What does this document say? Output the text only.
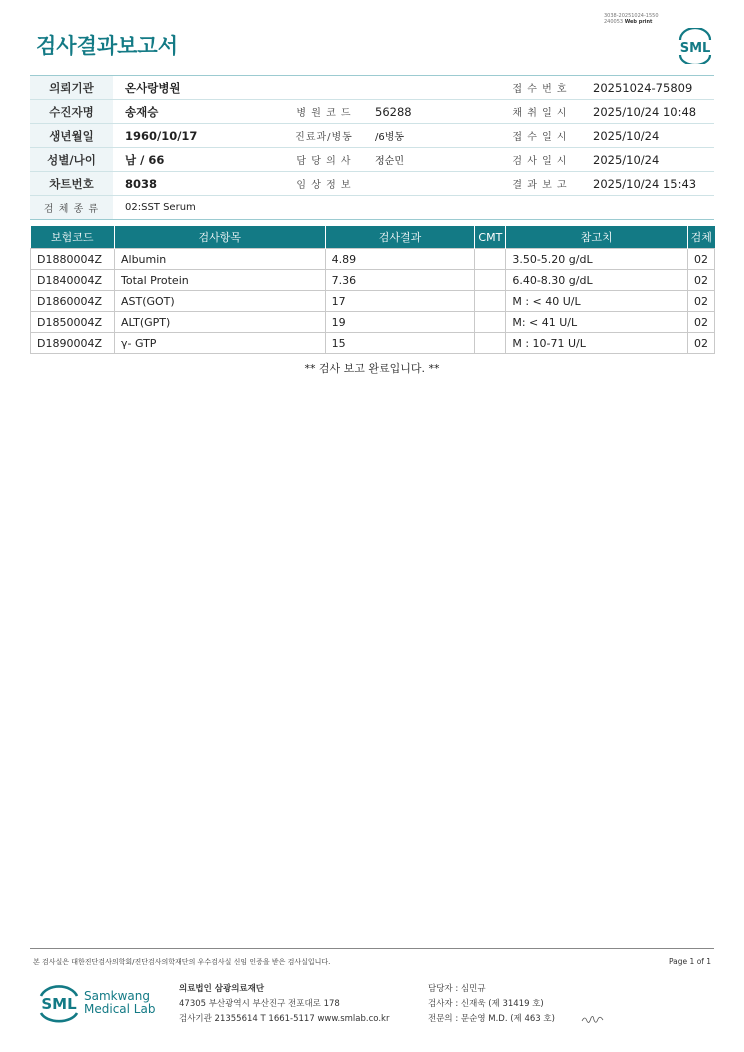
검사결과보고서
3038-20251024-1550
240053 Web print
SML
의뢰기관	온사랑병원			접 수 번 호	20251024-75809
수진자명	송재승	병 원 코 드	56288	채 취 일 시	2025/10/24 10:48
생년월일	1960/10/17	진료과/병동	/6병동	접 수 일 시	2025/10/24
성별/나이	남 / 66	담 당 의 사	정순민	검 사 일 시	2025/10/24
차트번호	8038	임 상 정 보		결 과 보 고	2025/10/24 15:43
검 체 종 류	02:SST Serum				
보험코드	검사항목	검사결과	CMT	참고치	검체
D1880004Z	Albumin	4.89		3.50-5.20 g/dL	02
D1840004Z	Total Protein	7.36		6.40-8.30 g/dL	02
D1860004Z	AST(GOT)	17		M : < 40 U/L	02
D1850004Z	ALT(GPT)	19		M: < 41 U/L	02
D1890004Z	γ- GTP	15		M : 10-71 U/L	02
** 검사 보고 완료입니다. **
본 검사실은 대한진단검사의학회/진단검사의학재단의 우수검사실 신임 인증을 받은 검사실입니다.	Page 1 of 1
SML Samkwang
Medical Lab
의료법인 삼광의료재단
47305 부산광역시 부산진구 전포대로 178
검사기관 21355614 T 1661-5117 www.smlab.co.kr
담당자 : 심민규
검사자 : 신재욱 (제 31419 호)
전문의 : 문순영 M.D. (제 463 호)
